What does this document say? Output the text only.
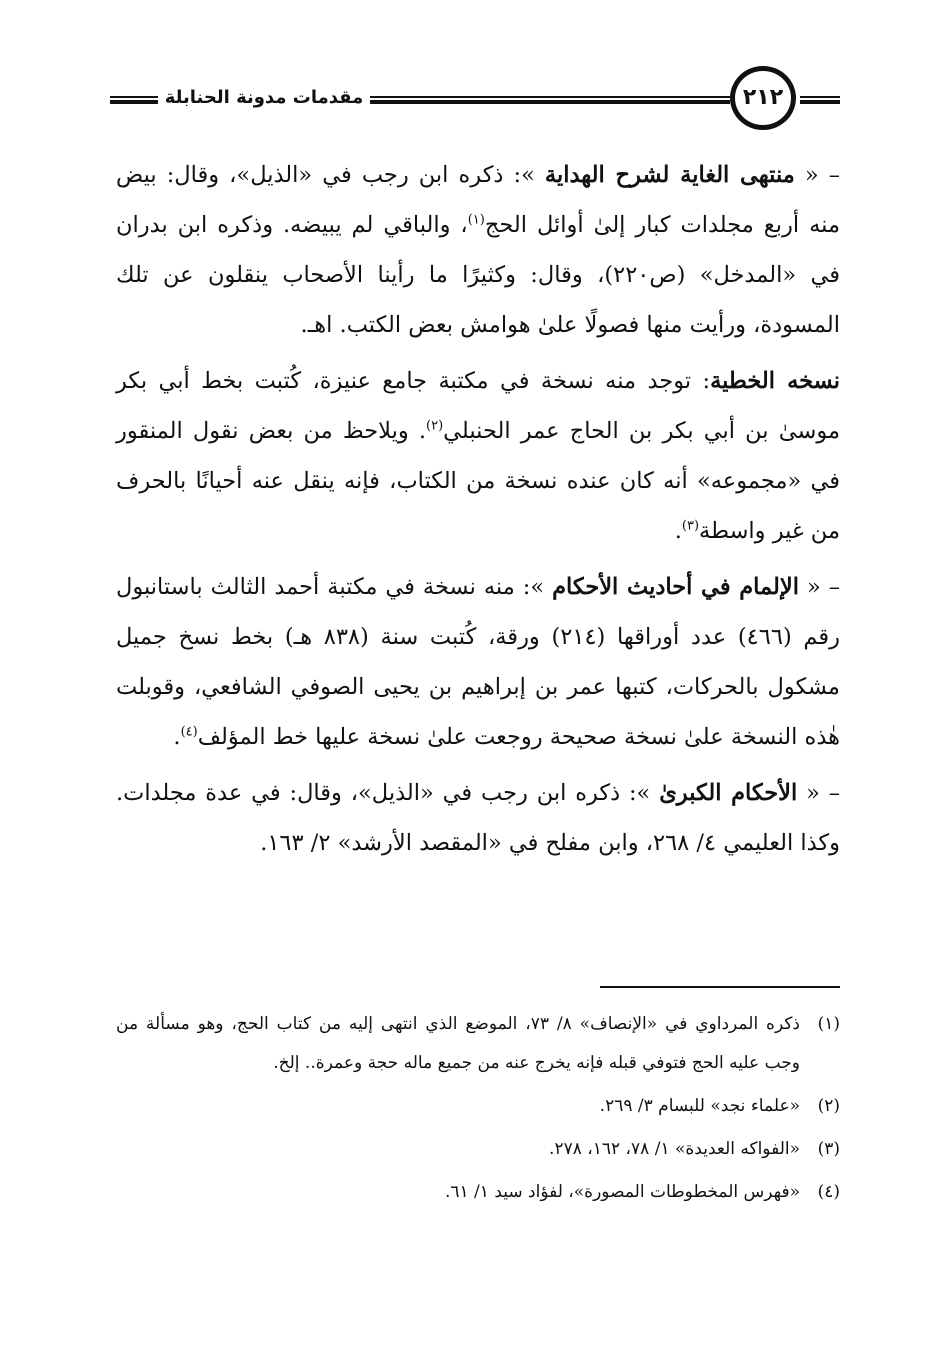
مقدمات مدونة الحنابلة	٢١٢

– « منتهى الغاية لشرح الهداية »: ذكره ابن رجب في «الذيل»، وقال: بيض منه أربع مجلدات كبار إلىٰ أوائل الحج$^{(١)}$، والباقي لم يبيضه. وذكره ابن بدران في «المدخل» (ص٢٢٠)، وقال: وكثيرًا ما رأينا الأصحاب ينقلون عن تلك المسودة، ورأيت منها فصولًا علىٰ هوامش بعض الكتب. اهـ.

نسخه الخطية: توجد منه نسخة في مكتبة جامع عنيزة، كُتبت بخط أبي بكر موسىٰ بن أبي بكر بن الحاج عمر الحنبلي$^{(٢)}$. ويلاحظ من بعض نقول المنقور في «مجموعه» أنه كان عنده نسخة من الكتاب، فإنه ينقل عنه أحيانًا بالحرف من غير واسطة$^{(٣)}$.

– « الإلمام في أحاديث الأحكام »: منه نسخة في مكتبة أحمد الثالث باستانبول رقم (٤٦٦) عدد أوراقها (٢١٤) ورقة، كُتبت سنة (٨٣٨ هـ) بخط نسخ جميل مشكول بالحركات، كتبها عمر بن إبراهيم بن يحيى الصوفي الشافعي، وقوبلت هٰذه النسخة علىٰ نسخة صحيحة روجعت علىٰ نسخة عليها خط المؤلف$^{(٤)}$.

– « الأحكام الكبرىٰ »: ذكره ابن رجب في «الذيل»، وقال: في عدة مجلدات. وكذا العليمي ٤/ ٢٦٨، وابن مفلح في «المقصد الأرشد» ٢/ ١٦٣.

(١)
ذكره المرداوي في «الإنصاف» ٨/ ٧٣، الموضع الذي انتهى إليه من كتاب الحج، وهو مسألة من وجب عليه الحج فتوفي قبله فإنه يخرج عنه من جميع ماله حجة وعمرة.. إلخ.
(٢)
«علماء نجد» للبسام ٣/ ٢٦٩.
(٣)
«الفواكه العديدة» ١/ ٧٨، ١٦٢، ٢٧٨.
(٤)
«فهرس المخطوطات المصورة»، لفؤاد سيد ١/ ٦١.
